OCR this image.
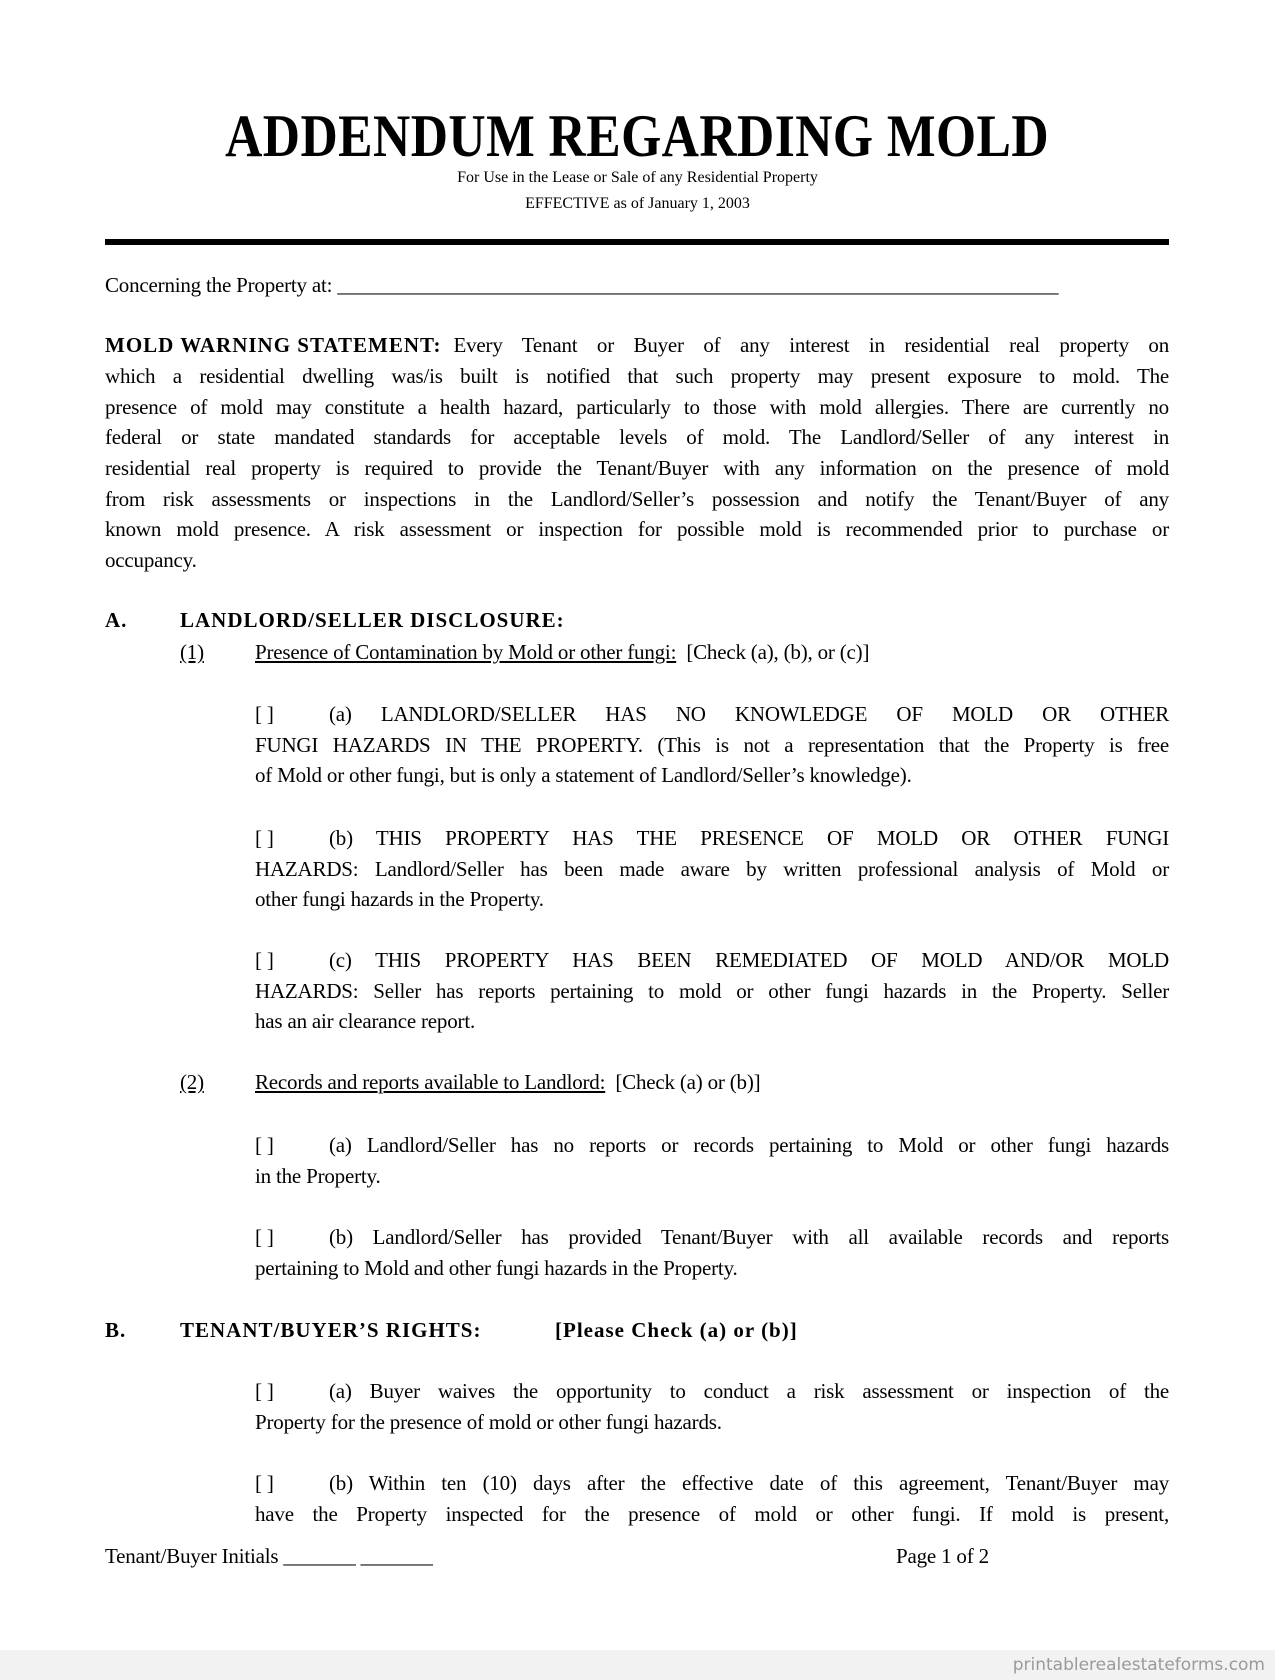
ADDENDUM REGARDING MOLD
For Use in the Lease or Sale of any Residential Property
EFFECTIVE as of January 1, 2003
Concerning the Property at: ______________________________________________________________________
MOLD WARNING STATEMENT: Every Tenant or Buyer of any interest in residential real property on
which a residential dwelling was/is built is notified that such property may present exposure to mold. The
presence of mold may constitute a health hazard, particularly to those with mold allergies. There are currently no
federal or state mandated standards for acceptable levels of mold. The Landlord/Seller of any interest in
residential real property is required to provide the Tenant/Buyer with any information on the presence of mold
from risk assessments or inspections in the Landlord/Seller’s possession and notify the Tenant/Buyer of any
known mold presence. A risk assessment or inspection for possible mold is recommended prior to purchase or
occupancy.
A.	LANDLORD/SELLER DISCLOSURE:
(1) Presence of Contamination by Mold or other fungi: [Check (a), (b), or (c)]
(2) Records and reports available to Landlord: [Check (a) or (b)]
B.	TENANT/BUYER’S RIGHTS:	[Please Check (a) or (b)]
[ ]	(a) LANDLORD/SELLER HAS NO KNOWLEDGE OF MOLD OR OTHER
FUNGI HAZARDS IN THE PROPERTY. (This is not a representation that the Property is free
of Mold or other fungi, but is only a statement of Landlord/Seller’s knowledge).
[ ]	(b) THIS PROPERTY HAS THE PRESENCE OF MOLD OR OTHER FUNGI
HAZARDS: Landlord/Seller has been made aware by written professional analysis of Mold or
other fungi hazards in the Property.
[ ]	(c) THIS PROPERTY HAS BEEN REMEDIATED OF MOLD AND/OR MOLD
HAZARDS: Seller has reports pertaining to mold or other fungi hazards in the Property. Seller
has an air clearance report.
[ ]	(a) Landlord/Seller has no reports or records pertaining to Mold or other fungi hazards
in the Property.
[ ]	(b) Landlord/Seller has provided Tenant/Buyer with all available records and reports
pertaining to Mold and other fungi hazards in the Property.
[ ]	(a) Buyer waives the opportunity to conduct a risk assessment or inspection of the
Property for the presence of mold or other fungi hazards.
[ ]	(b) Within ten (10) days after the effective date of this agreement, Tenant/Buyer may
have the Property inspected for the presence of mold or other fungi. If mold is present,
Tenant/Buyer Initials _______ _______	Page 1 of 2
printablerealestateforms.com
